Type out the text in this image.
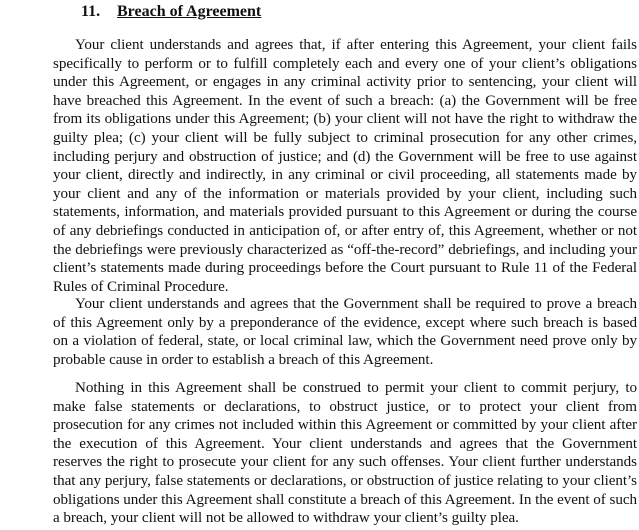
11. Breach of Agreement

Your client understands and agrees that, if after entering this Agreement, your client fails specifically to perform or to fulfill completely each and every one of your client’s obligations under this Agreement, or engages in any criminal activity prior to sentencing, your client will have breached this Agreement. In the event of such a breach: (a) the Government will be free from its obligations under this Agreement; (b) your client will not have the right to withdraw the guilty plea; (c) your client will be fully subject to criminal prosecution for any other crimes, including perjury and obstruction of justice; and (d) the Government will be free to use against your client, directly and indirectly, in any criminal or civil proceeding, all statements made by your client and any of the information or materials provided by your client, including such statements, information, and materials provided pursuant to this Agreement or during the course of any debriefings conducted in anticipation of, or after entry of, this Agreement, whether or not the debriefings were previously characterized as “off-the-record” debriefings, and including your client’s statements made during proceedings before the Court pursuant to Rule 11 of the Federal Rules of Criminal Procedure.

Your client understands and agrees that the Government shall be required to prove a breach of this Agreement only by a preponderance of the evidence, except where such breach is based on a violation of federal, state, or local criminal law, which the Government need prove only by probable cause in order to establish a breach of this Agreement.

Nothing in this Agreement shall be construed to permit your client to commit perjury, to make false statements or declarations, to obstruct justice, or to protect your client from prosecution for any crimes not included within this Agreement or committed by your client after the execution of this Agreement. Your client understands and agrees that the Government reserves the right to prosecute your client for any such offenses. Your client further understands that any perjury, false statements or declarations, or obstruction of justice relating to your client’s obligations under this Agreement shall constitute a breach of this Agreement. In the event of such a breach, your client will not be allowed to withdraw your client’s guilty plea.
